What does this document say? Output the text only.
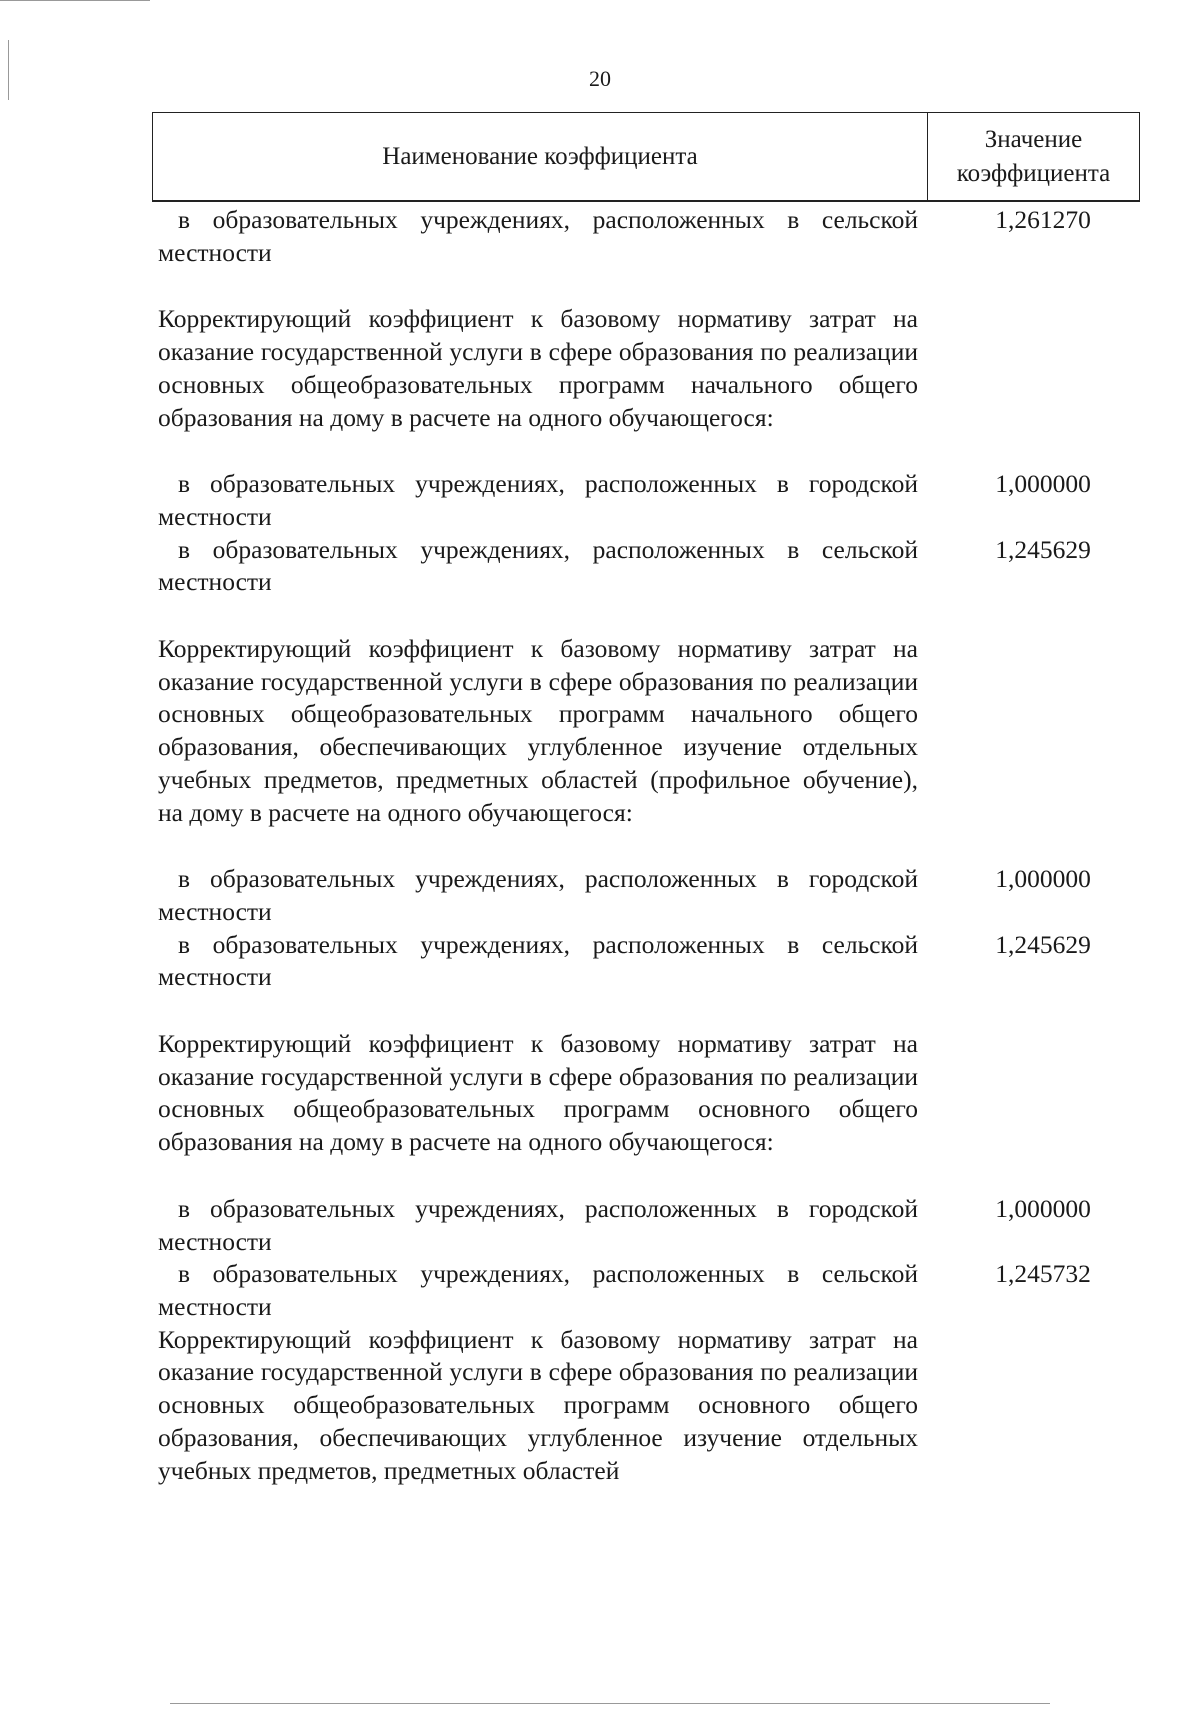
20
Наименование коэффициента
Значение коэффициента
в образовательных учреждениях, расположенных в сельской местности
1,261270
Корректирующий коэффициент к базовому нормативу затрат на оказание государственной услуги в сфере образования по реализации основных общеобразовательных программ начального общего образования на дому в расчете на одного обучающегося:
в образовательных учреждениях, расположенных в городской местности
1,000000
в образовательных учреждениях, расположенных в сельской местности
1,245629
Корректирующий коэффициент к базовому нормативу затрат на оказание государственной услуги в сфере образования по реализации основных общеобразовательных программ начального общего образования, обеспечивающих углубленное изучение отдельных учебных предметов, предметных областей (профильное обучение), на дому в расчете на одного обучающегося:
в образовательных учреждениях, расположенных в городской местности
1,000000
в образовательных учреждениях, расположенных в сельской местности
1,245629
Корректирующий коэффициент к базовому нормативу затрат на оказание государственной услуги в сфере образования по реализации основных общеобразовательных программ основного общего образования на дому в расчете на одного обучающегося:
в образовательных учреждениях, расположенных в городской местности
1,000000
в образовательных учреждениях, расположенных в сельской местности
1,245732
Корректирующий коэффициент к базовому нормативу затрат на оказание государственной услуги в сфере образования по реализации основных общеобразовательных программ основного общего образования, обеспечивающих углубленное изучение отдельных учебных предметов, предметных областей
